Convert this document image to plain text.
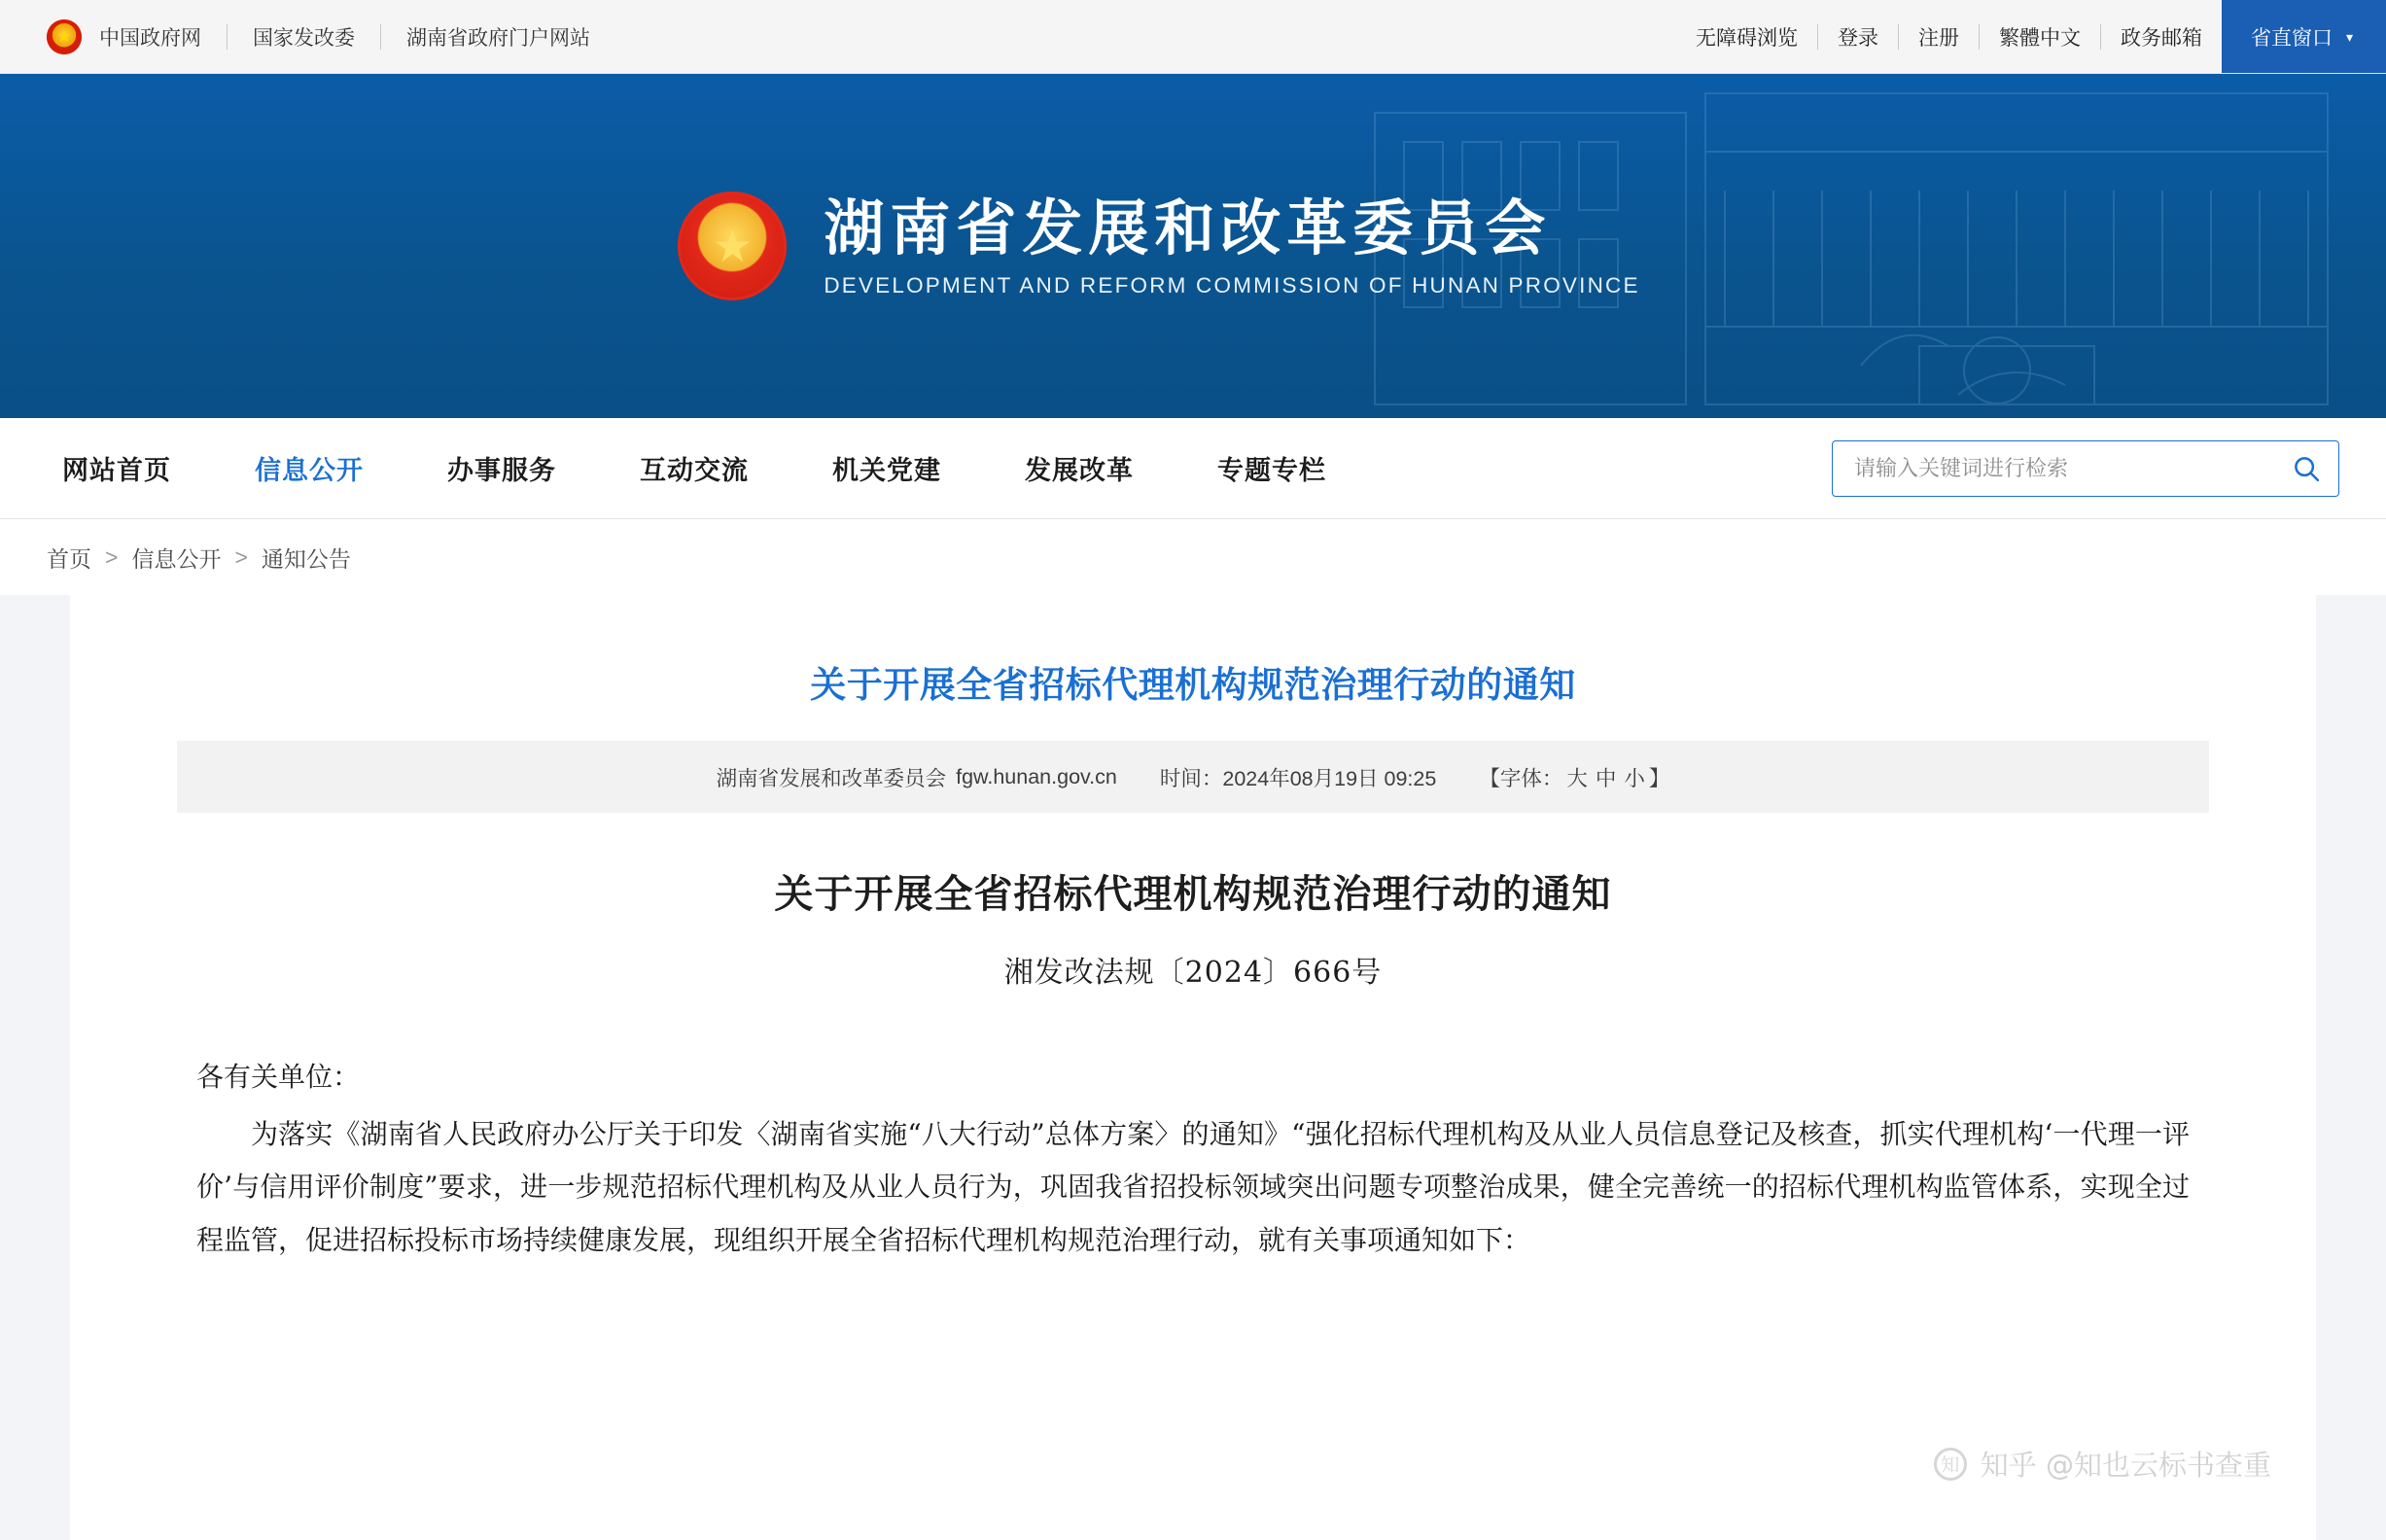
★
中国政府网	国家发改委	湖南省政府门户网站	无障碍浏览	登录	注册	繁體中文	政务邮箱	省直窗口 ▾
★
湖南省发展和改革委员会
DEVELOPMENT AND REFORM COMMISSION OF HUNAN PROVINCE
网站首页	信息公开	办事服务	互动交流	机关党建	发展改革	专题专栏
请输入关键词进行检索
首页 > 信息公开 > 通知公告
关于开展全省招标代理机构规范治理行动的通知
湖南省发展和改革委员会 fgw.hunan.gov.cn 时间： 2024年08月19日 09:25 【字体： 大 中 小 】
关于开展全省招标代理机构规范治理行动的通知
湘发改法规〔2024〕666号

各有关单位：

为落实《湖南省人民政府办公厅关于印发〈湖南省实施“八大行动”总体方案〉的通知》“强化招标代理机构及从业人员信息登记及核查，抓实代理机构‘一代理一评价’与信用评价制度”要求，进一步规范招标代理机构及从业人员行为，巩固我省招投标领域突出问题专项整治成果，健全完善统一的招标代理机构监管体系，实现全过程监管，促进招标投标市场持续健康发展，现组织开展全省招标代理机构规范治理行动，就有关事项通知如下：

知 知乎 @知也云标书查重
